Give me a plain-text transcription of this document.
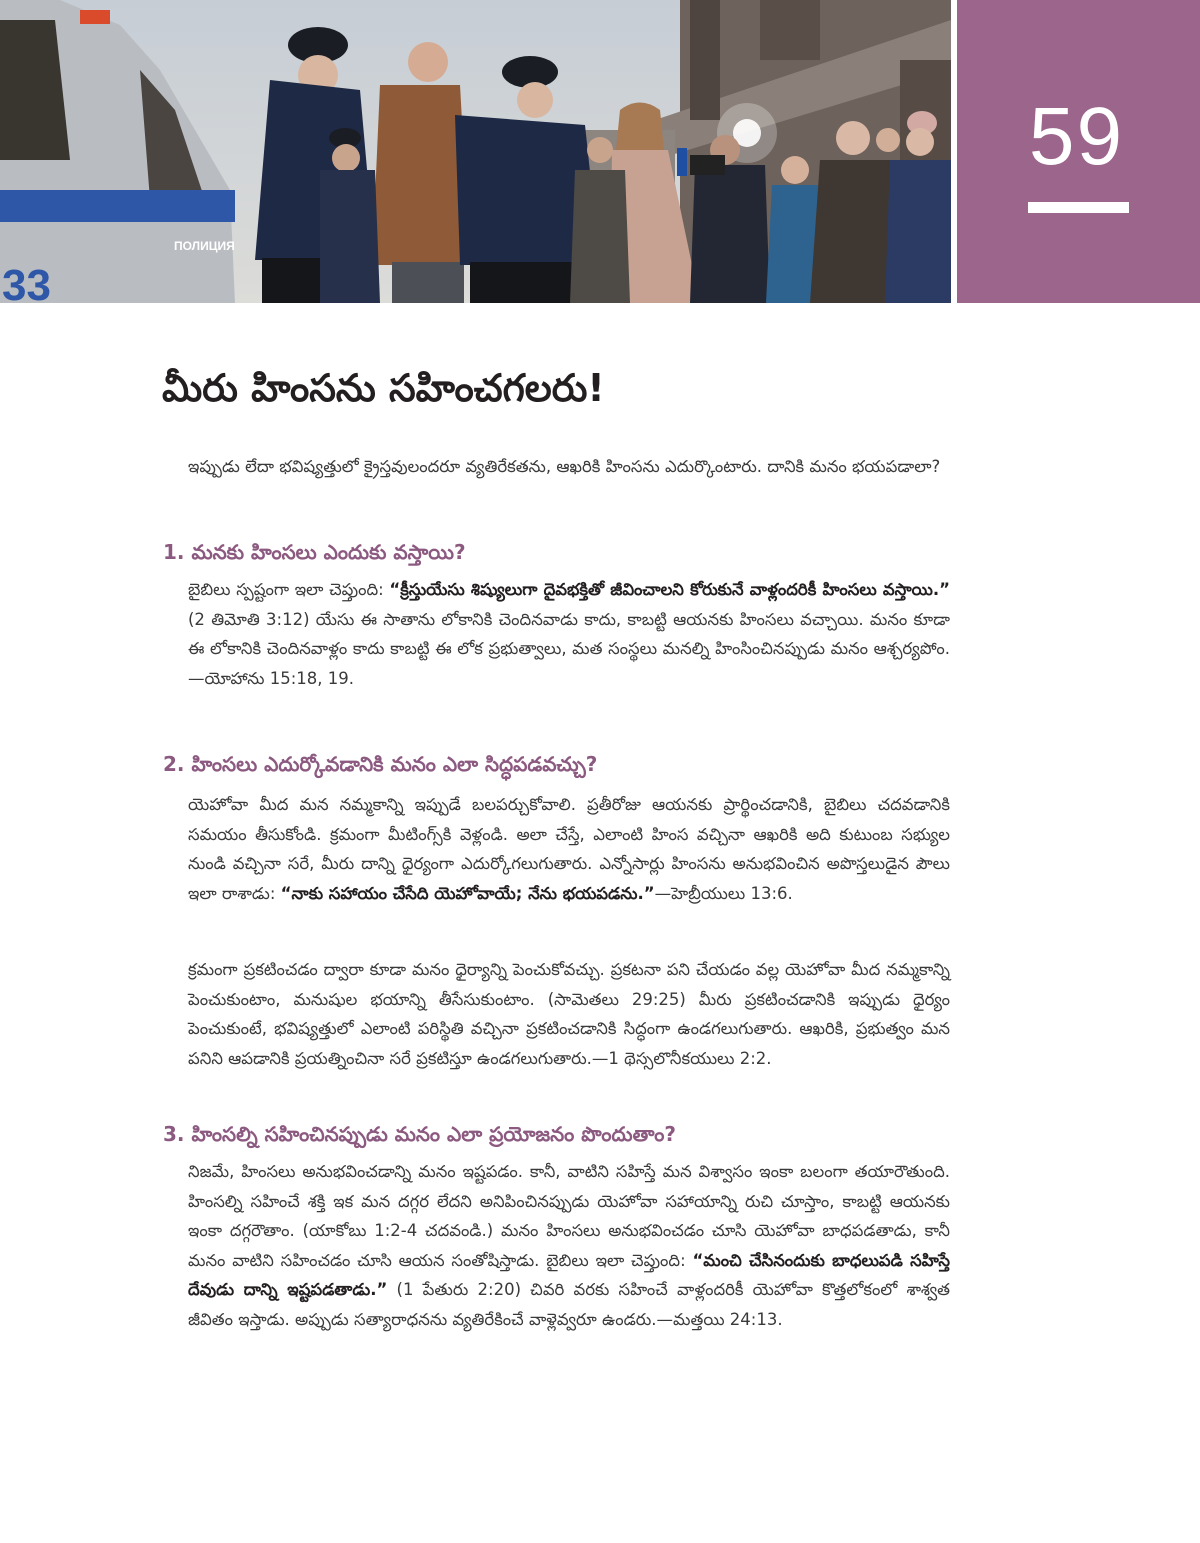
ПОЛИЦИЯ
33
59
మీరు హింసను సహించగలరు!

ఇప్పుడు లేదా భవిష్యత్తులో క్రైస్తవులందరూ వ్యతిరేకతను, ఆఖరికి హింసను ఎదుర్కొంటారు. దానికి మనం భయపడాలా?

1. మనకు హింసలు ఎందుకు వస్తాయి?

బైబిలు స్పష్టంగా ఇలా చెప్తుంది: “క్రీస్తుయేసు శిష్యులుగా దైవభక్తితో జీవించాలని కోరుకునే వాళ్లందరికీ హింసలు వస్తాయి.” (2 తిమోతి 3:12) యేసు ఈ సాతాను లోకానికి చెందినవాడు కాదు, కాబట్టి ఆయనకు హింసలు వచ్చాయి. మనం కూడా ఈ లోకానికి చెందినవాళ్లం కాదు కాబట్టి ఈ లోక ప్రభుత్వాలు, మత సంస్థలు మనల్ని హింసించినప్పుడు మనం ఆశ్చర్యపోం.—యోహాను 15:18, 19.

2. హింసలు ఎదుర్కోవడానికి మనం ఎలా సిద్ధపడవచ్చు?

యెహోవా మీద మన నమ్మకాన్ని ఇప్పుడే బలపర్చుకోవాలి. ప్రతీరోజు ఆయనకు ప్రార్థించడానికి, బైబిలు చదవడానికి సమయం తీసుకోండి. క్రమంగా మీటింగ్స్‌కి వెళ్లండి. అలా చేస్తే, ఎలాంటి హింస వచ్చినా ఆఖరికి అది కుటుంబ సభ్యుల నుండి వచ్చినా సరే, మీరు దాన్ని ధైర్యంగా ఎదుర్కోగలుగుతారు. ఎన్నోసార్లు హింసను అనుభవించిన అపొస్తలుడైన పౌలు ఇలా రాశాడు: “నాకు సహాయం చేసేది యెహోవాయే; నేను భయపడను.”—హెబ్రీయులు 13:6.

క్రమంగా ప్రకటించడం ద్వారా కూడా మనం ధైర్యాన్ని పెంచుకోవచ్చు. ప్రకటనా పని చేయడం వల్ల యెహోవా మీద నమ్మకాన్ని పెంచుకుంటాం, మనుషుల భయాన్ని తీసేసుకుంటాం. (సామెతలు 29:25) మీరు ప్రకటించడానికి ఇప్పుడు ధైర్యం పెంచుకుంటే, భవిష్యత్తులో ఎలాంటి పరిస్థితి వచ్చినా ప్రకటించడానికి సిద్ధంగా ఉండగలుగుతారు. ఆఖరికి, ప్రభుత్వం మన పనిని ఆపడానికి ప్రయత్నించినా సరే ప్రకటిస్తూ ఉండగలుగుతారు.—1 థెస్సలొనీకయులు 2:2.

3. హింసల్ని సహించినప్పుడు మనం ఎలా ప్రయోజనం పొందుతాం?

నిజమే, హింసలు అనుభవించడాన్ని మనం ఇష్టపడం. కానీ, వాటిని సహిస్తే మన విశ్వాసం ఇంకా బలంగా తయారౌతుంది. హింసల్ని సహించే శక్తి ఇక మన దగ్గర లేదని అనిపించినప్పుడు యెహోవా సహాయాన్ని రుచి చూస్తాం, కాబట్టి ఆయనకు ఇంకా దగ్గరౌతాం. (యాకోబు 1:2-4 చదవండి.) మనం హింసలు అనుభవించడం చూసి యెహోవా బాధపడతాడు, కానీ మనం వాటిని సహించడం చూసి ఆయన సంతోషిస్తాడు. బైబిలు ఇలా చెప్తుంది: “మంచి చేసినందుకు బాధలుపడి సహిస్తే దేవుడు దాన్ని ఇష్టపడతాడు.” (1 పేతురు 2:20) చివరి వరకు సహించే వాళ్లందరికీ యెహోవా కొత్తలోకంలో శాశ్వత జీవితం ఇస్తాడు. అప్పుడు సత్యారాధనను వ్యతిరేకించే వాళ్లెవ్వరూ ఉండరు.—మత్తయి 24:13.
